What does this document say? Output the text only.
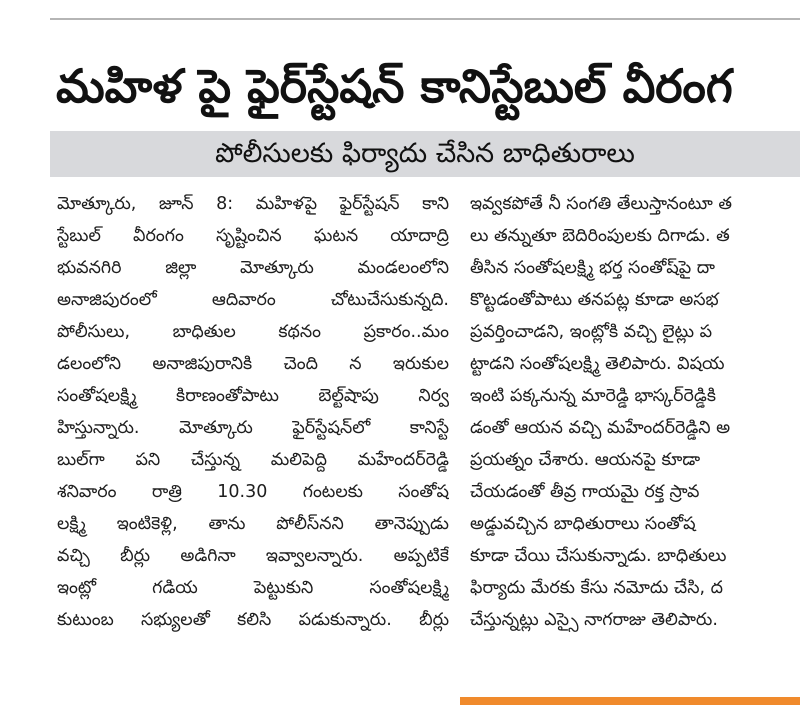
మహిళ పై ఫైర్‌స్టేషన్ కానిస్టేబుల్ వీరంగ
పోలీసులకు ఫిర్యాదు చేసిన బాధితురాలు
మోత్కూరు, జూన్ 8: మహిళపై ఫైర్‌స్టేషన్ కాని
స్టేబుల్ వీరంగం సృష్టించిన ఘటన యాదాద్రి
భువనగిరి జిల్లా మోత్కూరు మండలంలోని
అనాజిపురంలో ఆదివారం చోటుచేసుకున్నది.
పోలీసులు, బాధితుల కథనం ప్రకారం..మం
డలంలోని అనాజిపురానికి చెంది న ఇరుకుల
సంతోషలక్ష్మి కిరాణంతోపాటు బెల్ట్‌షాపు నిర్వ
హిస్తున్నారు. మోత్కూరు ఫైర్‌స్టేషన్‌లో కానిస్టే
బుల్‌గా పని చేస్తున్న మలిపెద్ది మహేందర్‌రెడ్డి
శనివారం రాత్రి 10.30 గంటలకు సంతోష
లక్ష్మి ఇంటికెళ్లి, తాను పోలీస్‌నని తానెప్పుడు
వచ్చి బీర్లు అడిగినా ఇవ్వాలన్నారు. అప్పటికే
ఇంట్లో గడియ పెట్టుకుని సంతోషలక్ష్మి
కుటుంబ సభ్యులతో కలిసి పడుకున్నారు. బీర్లు
ఇవ్వకపోతే నీ సంగతి తేలుస్తానంటూ త
లు తన్నుతూ బెదిరింపులకు దిగాడు. త
తీసిన సంతోషలక్ష్మి భర్త సంతోష్‌పై దా
కొట్టడంతోపాటు తనపట్ల కూడా అసభ
ప్రవర్తించాడని, ఇంట్లోకి వచ్చి లైట్లు ప
ట్టాడని సంతోషలక్ష్మి తెలిపారు. విషయ
ఇంటి పక్కనున్న మారెడ్డి భాస్కర్‌రెడ్డికి
డంతో ఆయన వచ్చి మహేందర్‌రెడ్డిని అ
ప్రయత్నం చేశారు. ఆయనపై కూడా
చేయడంతో తీవ్ర గాయమై రక్త స్రావ
అడ్డువచ్చిన బాధితురాలు సంతోష
కూడా చేయి చేసుకున్నాడు. బాధితులు
ఫిర్యాదు మేరకు కేసు నమోదు చేసి, ద
చేస్తున్నట్లు ఎస్సై నాగరాజు తెలిపారు.
